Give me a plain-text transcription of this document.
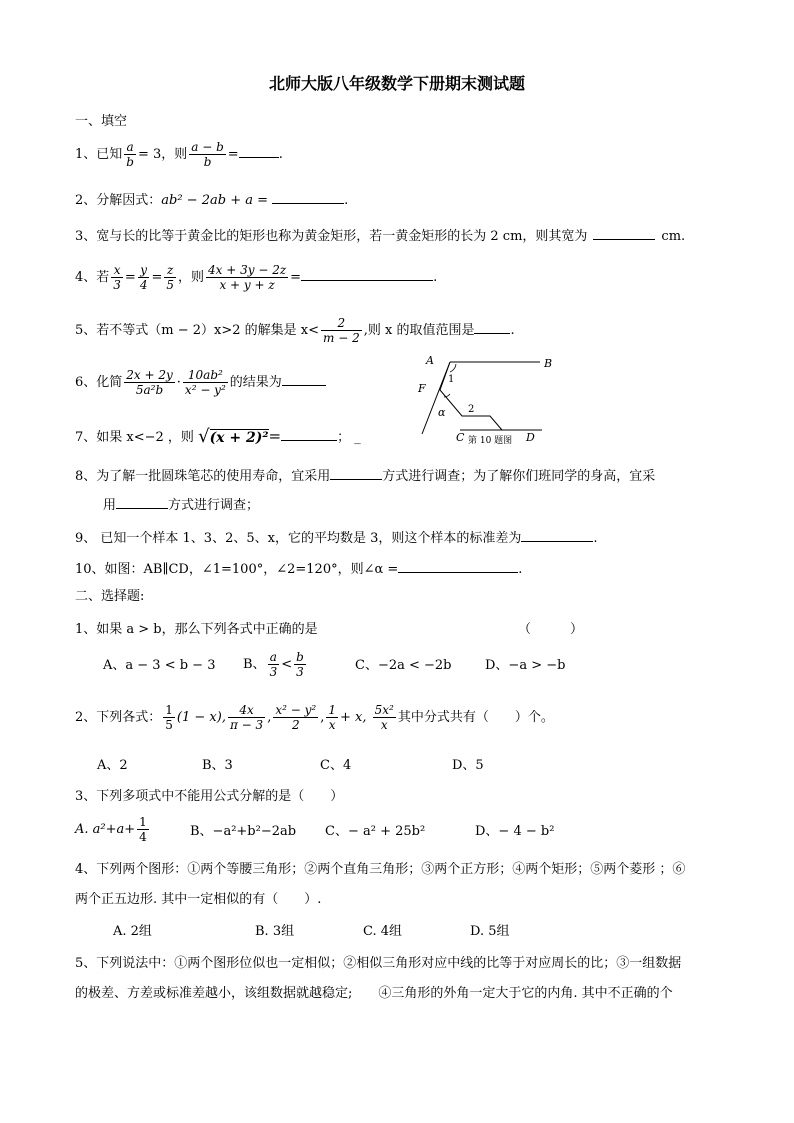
北师大版八年级数学下册期末测试题
一、填空
1、已知 $\frac{a}{b} = 3$，则 $\frac{a - b}{b}$ =	.
2、分解因式：ab² − 2ab + a =	.
3、宽与长的比等于黄金比的矩形也称为黄金矩形，若一黄金矩形的长为 2 cm，则其宽为	cm.
4、若 $\frac{x}{3} = \frac{y}{4} = \frac{z}{5}$ ，则 $\frac{4x + 3y - 2z}{x + y + z}$ =	.
5、若不等式（m − 2）x>2 的解集是 $x< \frac{2}{m - 2}$ ,则 x 的取值范围是	.
6、化简 $\frac{2x + 2y}{\text{5a²b}} \cdot \frac{\text{10ab²}}{\text{x² − y²}}$ 的结果为
7、如果 x<−2 ，则 √(x + 2)²=	； _
A	B
F
1
2
α
C 第 10 题图 D
8、为了解一批圆珠笔芯的使用寿命，宜采用	方式进行调查；为了解你们班同学的身高，宜采
用	方式进行调查；
9、 已知一个样本 1、3、2、5、x，它的平均数是 3，则这个样本的标准差为	.
10、如图：AB∥CD，∠1=100°，∠2=120°，则∠α =	.
二、选择题:
1、如果 a > b，那么下列各式中正确的是	（　　　）
A、a − 3 < b − 3 B、 $\frac{a}{3} < \frac{b}{3}$	C、−2a < −2b	D、−a > −b
2、下列各式： $\frac{1}{5} (1 - x)$, $\frac{4x}{\pi - 3}$ , $\frac{\text{x² − y²}}{2}$ , $\frac{1}{x} + x$, $\frac{\text{5x²}}{x}$ 其中分式共有（　　）个。
A、2	B、3	C、4	D、5
3、下列多项式中不能用公式分解的是（　　）
A. $a^2+a+ \frac{1}{4}$	B、−a²+b²−2ab C、− a² + 25b²	D、− 4 − b²
4、下列两个图形：①两个等腰三角形；②两个直角三角形；③两个正方形；④两个矩形；⑤两个菱形 ；⑥
两个正五边形. 其中一定相似的有（　　）.
A. 2组	B. 3组	C. 4组	D. 5组
5、下列说法中：①两个图形位似也一定相似；②相似三角形对应中线的比等于对应周长的比；③一组数据
的极差、方差或标准差越小，该组数据就越稳定;　　④三角形的外角一定大于它的内角. 其中不正确的个
